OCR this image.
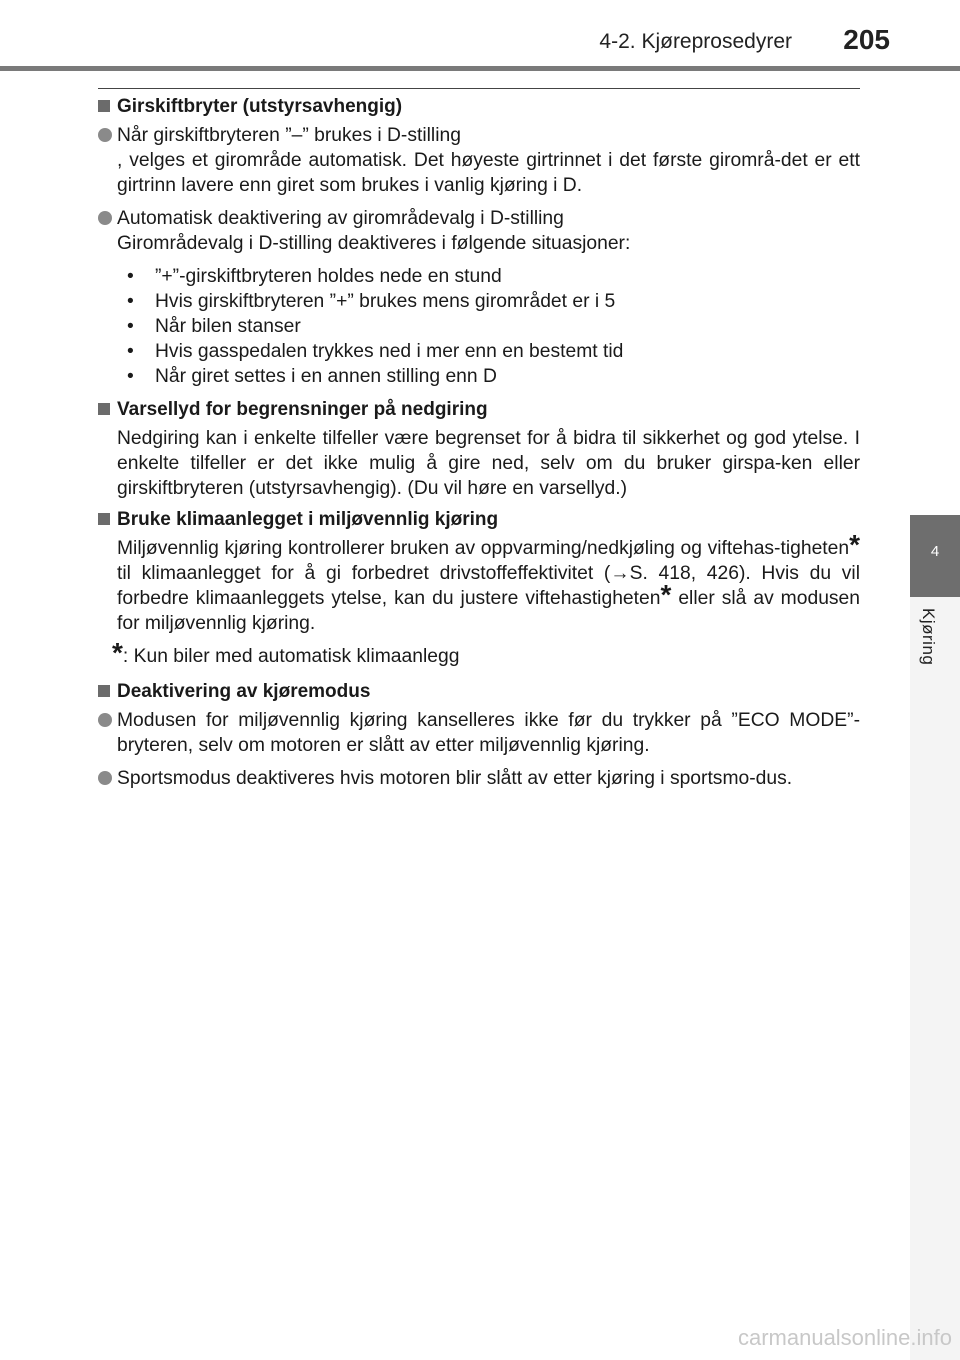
4-2. Kjøreprosedyrer 205
4
Kjøring
Girskiftbryter (utstyrsavhengig)

Når girskiftbryteren ”–” brukes i D-stilling

, velges et girområde automatisk. Det høyeste girtrinnet i det første girområ-det er ett girtrinn lavere enn giret som brukes i vanlig kjøring i D.

Automatisk deaktivering av girområdevalg i D-stilling

Girområdevalg i D-stilling deaktiveres i følgende situasjoner:

• ”+”-girskiftbryteren holdes nede en stund
• Hvis girskiftbryteren ”+” brukes mens girområdet er i 5
• Når bilen stanser
• Hvis gasspedalen trykkes ned i mer enn en bestemt tid
• Når giret settes i en annen stilling enn D
Varsellyd for begrensninger på nedgiring
Nedgiring kan i enkelte tilfeller være begrenset for å bidra til sikkerhet og god ytelse. I enkelte tilfeller er det ikke mulig å gire ned, selv om du bruker girspa-ken eller girskiftbryteren (utstyrsavhengig). (Du vil høre en varsellyd.)
Bruke klimaanlegget i miljøvennlig kjøring
Miljøvennlig kjøring kontrollerer bruken av oppvarming/nedkjøling og viftehas-tigheten* til klimaanlegget for å gi forbedret drivstoffeffektivitet (→S. 418, 426). Hvis du vil forbedre klimaanleggets ytelse, kan du justere viftehastigheten* eller slå av modusen for miljøvennlig kjøring.
*: Kun biler med automatisk klimaanlegg
Deaktivering av kjøremodus

Modusen for miljøvennlig kjøring kanselleres ikke før du trykker på ”ECO MODE”-bryteren, selv om motoren er slått av etter miljøvennlig kjøring.

Sportsmodus deaktiveres hvis motoren blir slått av etter kjøring i sportsmo-dus.

carmanualsonline.info
